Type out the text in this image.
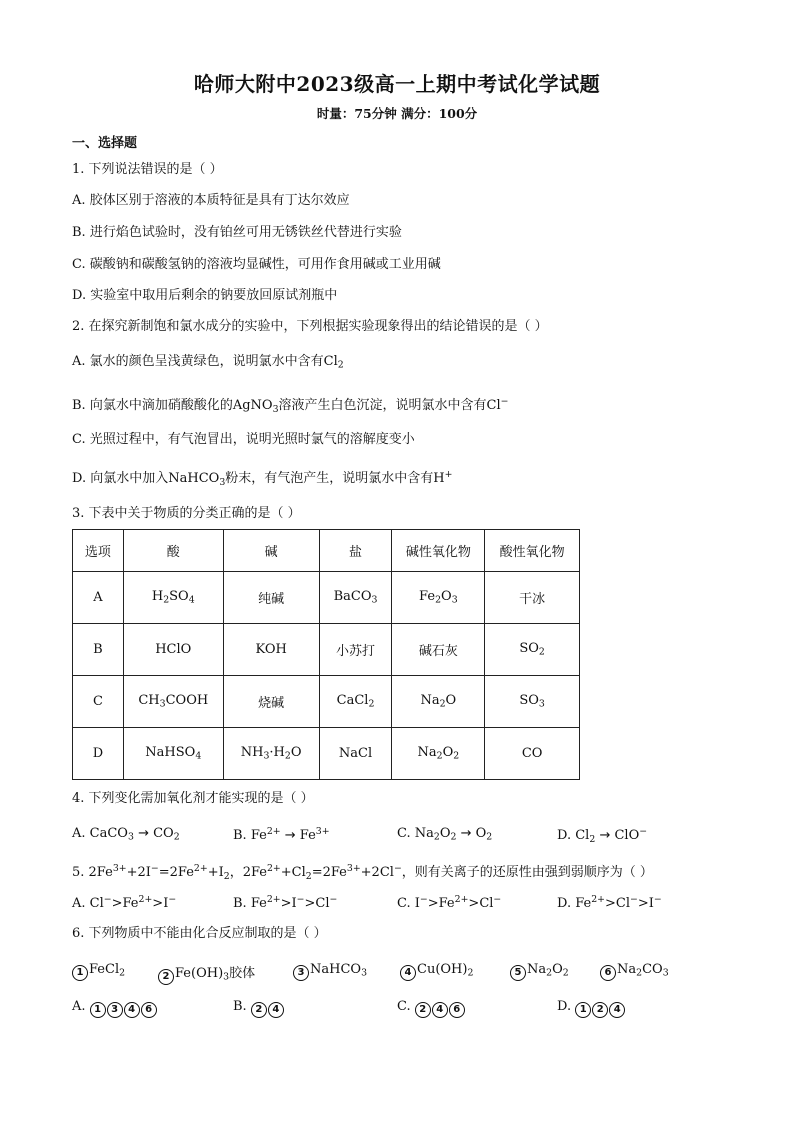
哈师大附中2023级高一上期中考试化学试题
时量：75分钟 满分：100分
一、选择题
1. 下列说法错误的是（ ）
A. 胶体区别于溶液的本质特征是具有丁达尔效应
B. 进行焰色试验时，没有铂丝可用无锈铁丝代替进行实验
C. 碳酸钠和碳酸氢钠的溶液均显碱性，可用作食用碱或工业用碱
D. 实验室中取用后剩余的钠要放回原试剂瓶中
2. 在探究新制饱和氯水成分的实验中，下列根据实验现象得出的结论错误的是（ ）
A. 氯水的颜色呈浅黄绿色，说明氯水中含有$Cl_2$
B. 向氯水中滴加硝酸酸化的AgNO$_3$溶液产生白色沉淀，说明氯水中含有Cl−
C. 光照过程中，有气泡冒出，说明光照时氯气的溶解度变小
D. 向氯水中加入NaHCO$_3$粉末，有气泡产生，说明氯水中含有H+
3. 下表中关于物质的分类正确的是（ ）
选项	酸	碱	盐	碱性氧化物	酸性氧化物
A	$H_2SO_4$	纯碱	BaCO$_3$	$Fe_2O_3$	干冰
B	HClO	KOH	小苏打	碱石灰	$SO_2$
C	$CH_3COOH$	烧碱	CaCl$_2$	$Na_2O$	$SO_3$
D	NaHSO$_4$	$NH_3\cdot H_2O$	NaCl	$Na_2O_2$	CO
4. 下列变化需加氧化剂才能实现的是（ ）
A. CaCO$_3$ → $CO_2$	B. $Fe^{2+} \to Fe^{3+}$	C. $Na_2O_2 \to O_2$	D. $Cl_2 \to ClO^-$
5. $2Fe^{3+}+2I^-=2Fe^{2+}+I_2$，$2Fe^{2+}+Cl_2=2Fe^{3+}+2Cl^-$，则有关离子的还原性由强到弱顺序为（ ）
A. $Cl^->Fe^{2+}>I^-$	B. $Fe^{2+}>I^->Cl^-$	C. $I^->Fe^{2+}>Cl^-$	D. $Fe^{2+}>Cl^->I^-$
6. 下列物质中不能由化合反应制取的是（ ）
1 FeCl$_2$	2 $Fe(OH)_3$胶体	3 NaHCO$_3$	4 $Cu(OH)_2$	5 $Na_2O_2$	6 $Na_2CO_3$
A. 1 3 4 6	B. 2 4	C. 2 4 6	D. 1 2 4
